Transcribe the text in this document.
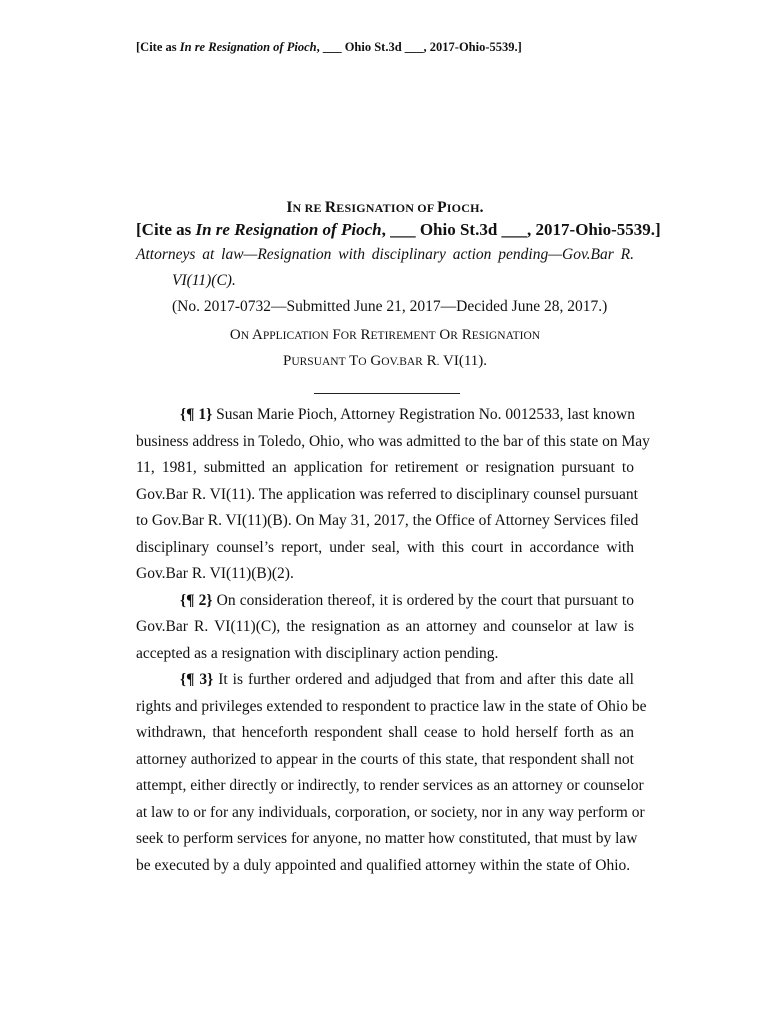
[Cite as In re Resignation of Pioch, ___ Ohio St.3d ___, 2017-Ohio-5539.]
IN RE RESIGNATION OF PIOCH.
[Cite as In re Resignation of Pioch, ___ Ohio St.3d ___, 2017-Ohio-5539.]
Attorneys at law—Resignation with disciplinary action pending—Gov.Bar R.
VI(11)(C).
(No. 2017-0732—Submitted June 21, 2017—Decided June 28, 2017.)
ON APPLICATION FOR RETIREMENT OR RESIGNATION
PURSUANT TO GOV.BAR R. VI(11).
{¶ 1} Susan Marie Pioch, Attorney Registration No. 0012533, last known
business address in Toledo, Ohio, who was admitted to the bar of this state on May
11, 1981, submitted an application for retirement or resignation pursuant to
Gov.Bar R. VI(11). The application was referred to disciplinary counsel pursuant
to Gov.Bar R. VI(11)(B). On May 31, 2017, the Office of Attorney Services filed
disciplinary counsel’s report, under seal, with this court in accordance with
Gov.Bar R. VI(11)(B)(2).
{¶ 2} On consideration thereof, it is ordered by the court that pursuant to
Gov.Bar R. VI(11)(C), the resignation as an attorney and counselor at law is
accepted as a resignation with disciplinary action pending.
{¶ 3} It is further ordered and adjudged that from and after this date all
rights and privileges extended to respondent to practice law in the state of Ohio be
withdrawn, that henceforth respondent shall cease to hold herself forth as an
attorney authorized to appear in the courts of this state, that respondent shall not
attempt, either directly or indirectly, to render services as an attorney or counselor
at law to or for any individuals, corporation, or society, nor in any way perform or
seek to perform services for anyone, no matter how constituted, that must by law
be executed by a duly appointed and qualified attorney within the state of Ohio.
